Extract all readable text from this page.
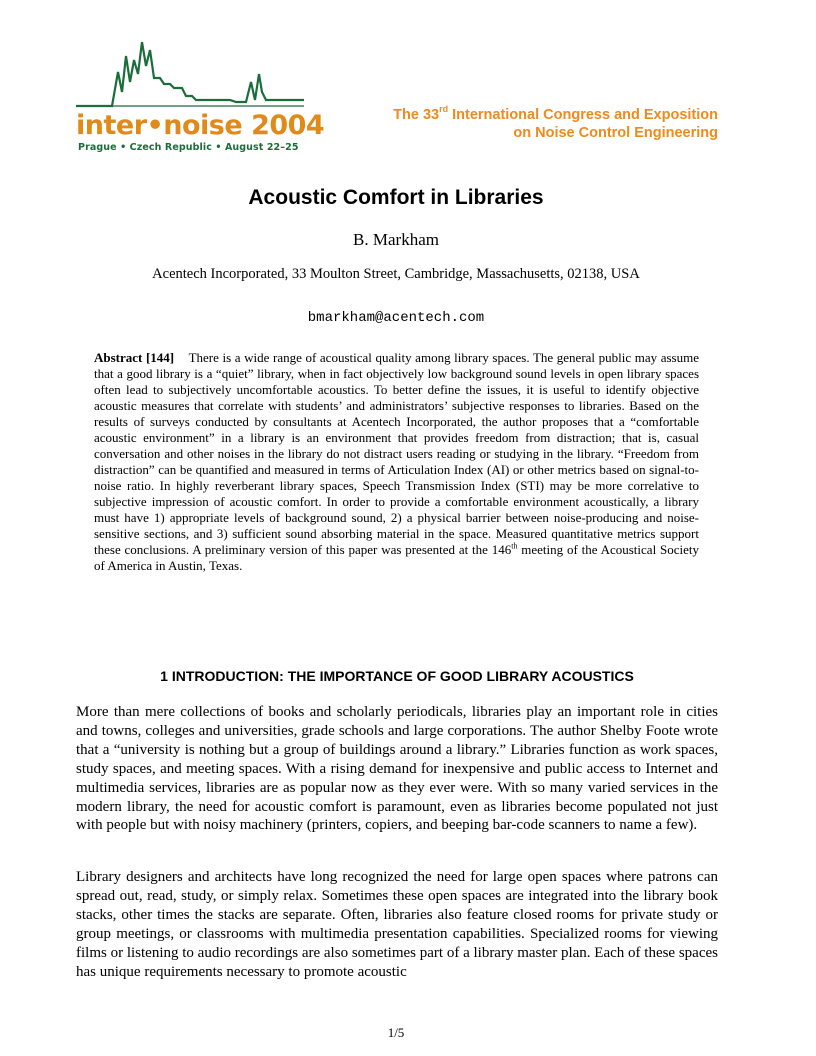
inter•noise 2004
Prague • Czech Republic • August 22–25
The 33rd International Congress and Exposition
on Noise Control Engineering
Acoustic Comfort in Libraries
B. Markham
Acentech Incorporated, 33 Moulton Street, Cambridge, Massachusetts, 02138, USA
bmarkham@acentech.com
Abstract [144] There is a wide range of acoustical quality among library spaces. The general public may assume that a good library is a “quiet” library, when in fact objectively low background sound levels in open library spaces often lead to subjectively uncomfortable acoustics. To better define the issues, it is useful to identify objective acoustic measures that correlate with students’ and administrators’ subjective responses to libraries. Based on the results of surveys conducted by consultants at Acentech Incorporated, the author proposes that a “comfortable acoustic environment” in a library is an environment that provides freedom from distraction; that is, casual conversation and other noises in the library do not distract users reading or studying in the library. “Freedom from distraction” can be quantified and measured in terms of Articulation Index (AI) or other metrics based on signal-to-noise ratio. In highly reverberant library spaces, Speech Transmission Index (STI) may be more correlative to subjective impression of acoustic comfort. In order to provide a comfortable environment acoustically, a library must have 1) appropriate levels of background sound, 2) a physical barrier between noise-producing and noise-sensitive sections, and 3) sufficient sound absorbing material in the space. Measured quantitative metrics support these conclusions. A preliminary version of this paper was presented at the 146th meeting of the Acoustical Society of America in Austin, Texas.
1 INTRODUCTION: THE IMPORTANCE OF GOOD LIBRARY ACOUSTICS

More than mere collections of books and scholarly periodicals, libraries play an important role in cities and towns, colleges and universities, grade schools and large corporations. The author Shelby Foote wrote that a “university is nothing but a group of buildings around a library.” Libraries function as work spaces, study spaces, and meeting spaces. With a rising demand for inexpensive and public access to Internet and multimedia services, libraries are as popular now as they ever were. With so many varied services in the modern library, the need for acoustic comfort is paramount, even as libraries become populated not just with people but with noisy machinery (printers, copiers, and beeping bar-code scanners to name a few).

Library designers and architects have long recognized the need for large open spaces where patrons can spread out, read, study, or simply relax. Sometimes these open spaces are integrated into the library book stacks, other times the stacks are separate. Often, libraries also feature closed rooms for private study or group meetings, or classrooms with multimedia presentation capabilities. Specialized rooms for viewing films or listening to audio recordings are also sometimes part of a library master plan. Each of these spaces has unique requirements necessary to promote acoustic

1/5
